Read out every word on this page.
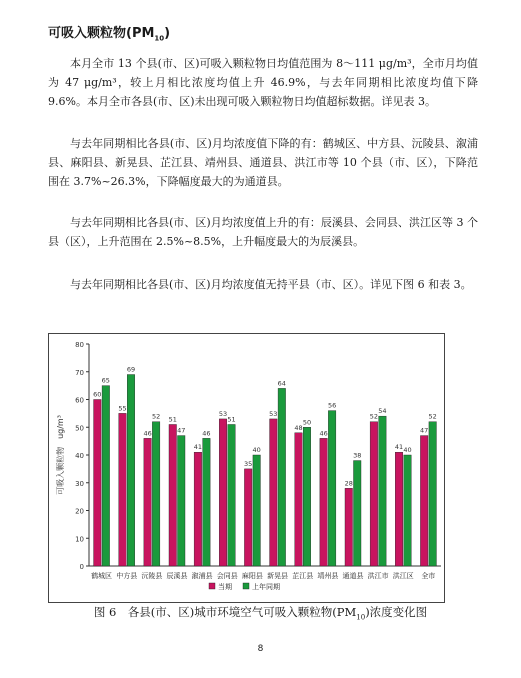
可吸入颗粒物$(PM_{10})$

本月全市 13 个县(市、区)可吸入颗粒物日均值范围为 8～111 μg/m³，全市月均值为 47 μg/m³，较上月相比浓度均值上升 46.9%，与去年同期相比浓度均值下降 9.6%。本月全市各县(市、区)未出现可吸入颗粒物日均值超标数据。详见表 3。

与去年同期相比各县(市、区)月均浓度值下降的有：鹤城区、中方县、沅陵县、溆浦县、麻阳县、新晃县、芷江县、靖州县、通道县、洪江市等 10 个县（市、区），下降范围在 3.7%~26.3%，下降幅度最大的为通道县。

与去年同期相比各县(市、区)月均浓度值上升的有：辰溪县、会同县、洪江区等 3 个县（区），上升范围在 2.5%~8.5%，上升幅度最大的为辰溪县。

与去年同期相比各县(市、区)月均浓度值无持平县（市、区）。详见下图 6 和表 3。

0
10
20
30
40
50
60
70
80
可吸入颗粒物　ug/m³
鹤城区
60
65
中方县
55
69
沅陵县
46
52
辰溪县
51
47
溆浦县
41
46
会同县
53
51
麻阳县
35
40
新晃县
53
64
芷江县
48
50
靖州县
46
56
通道县
28
38
洪江市
52
54
洪江区
41 40
全市
47
52
当期	上年同期
图 6　各县(市、区)城市环境空气可吸入颗粒物$(PM_{10})$浓度变化图
8
